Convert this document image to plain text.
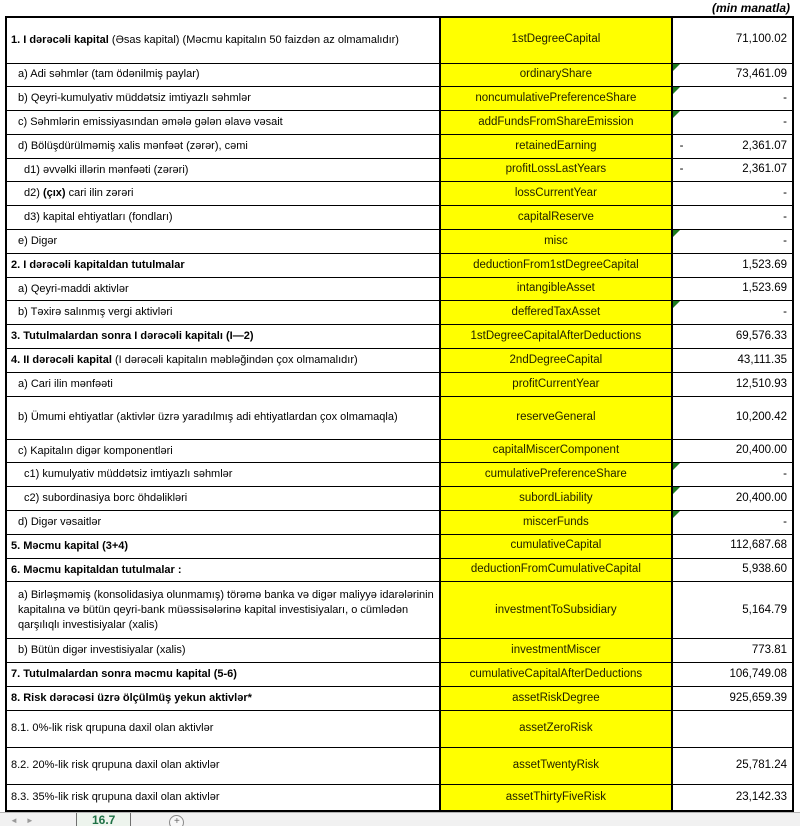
(min manatla)
1. I dərəcəli kapital (Əsas kapital) (Məcmu kapitalın 50 faizdən az olmamalıdır)	1stDegreeCapital	71,100.02
a) Adi səhmlər (tam ödənilmiş paylar)	ordinaryShare	73,461.09
b) Qeyri-kumulyativ müddətsiz imtiyazlı səhmlər	noncumulativePreferenceShare	-
c) Səhmlərin emissiyasından əmələ gələn əlavə vəsait	addFundsFromShareEmission	-
d) Bölüşdürülməmiş xalis mənfəət (zərər), cəmi	retainedEarning	- 2,361.07
d1) əvvəlki illərin mənfəəti (zərəri)	profitLossLastYears	- 2,361.07
d2) (çıx) cari ilin zərəri	lossCurrentYear	-
d3) kapital ehtiyatları (fondları)	capitalReserve	-
e) Digər	misc	-
2. I dərəcəli kapitaldan tutulmalar	deductionFrom1stDegreeCapital	1,523.69
a) Qeyri-maddi aktivlər	intangibleAsset	1,523.69
b) Təxirə salınmış vergi aktivləri	defferedTaxAsset	-
3. Tutulmalardan sonra I dərəcəli kapitalı (I—2)	1stDegreeCapitalAfterDeductions	69,576.33
4. II dərəcəli kapital (I dərəcəli kapitalın məbləğindən çox olmamalıdır)	2ndDegreeCapital	43,111.35
a) Cari ilin mənfəəti	profitCurrentYear	12,510.93
b) Ümumi ehtiyatlar (aktivlər üzrə yaradılmış adi ehtiyatlardan çox olmamaqla)	reserveGeneral	10,200.42
c) Kapitalın digər komponentləri	capitalMiscerComponent	20,400.00
c1) kumulyativ müddətsiz imtiyazlı səhmlər	cumulativePreferenceShare	-
c2) subordinasiya borc öhdəlikləri	subordLiability	20,400.00
d) Digər vəsaitlər	miscerFunds	-
5. Məcmu kapital (3+4)	cumulativeCapital	112,687.68
6. Məcmu kapitaldan tutulmalar :	deductionFromCumulativeCapital	5,938.60
a) Birləşməmiş (konsolidasiya olunmamış) törəmə banka və digər maliyyə idarələrinin kapitalına və bütün qeyri-bank müəssisələrinə kapital investisiyaları, o cümlədən qarşılıqlı investisiyalar (xalis)	investmentToSubsidiary	5,164.79
b) Bütün digər investisiyalar (xalis)	investmentMiscer	773.81
7. Tutulmalardan sonra məcmu kapital (5-6)	cumulativeCapitalAfterDeductions	106,749.08
8. Risk dərəcəsi üzrə ölçülmüş yekun aktivlər*	assetRiskDegree	925,659.39
8.1. 0%-lik risk qrupuna daxil olan aktivlər	assetZeroRisk	
8.2. 20%-lik risk qrupuna daxil olan aktivlər	assetTwentyRisk	25,781.24
8.3. 35%-lik risk qrupuna daxil olan aktivlər	assetThirtyFiveRisk	23,142.33
◄►	16.7	+
